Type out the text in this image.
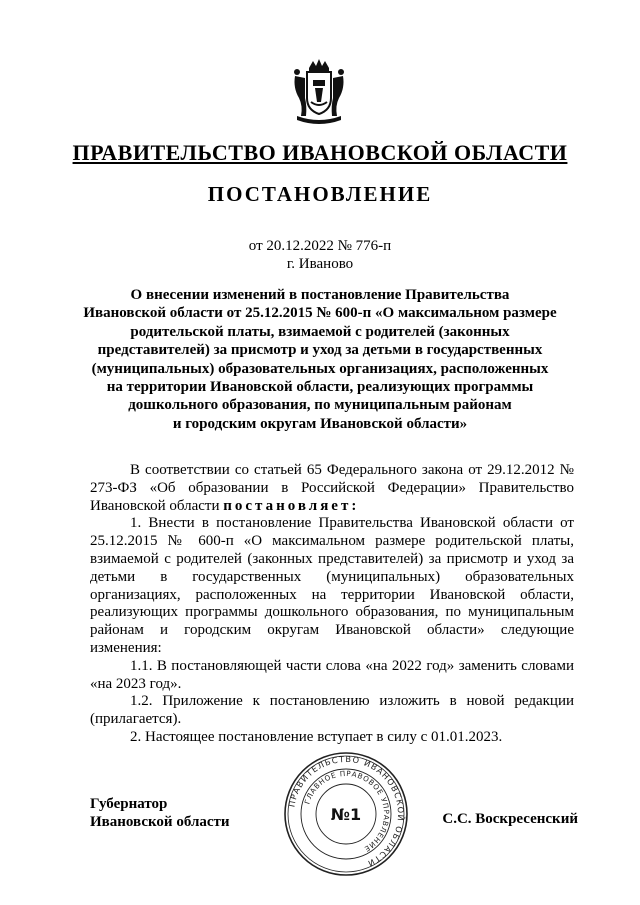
ПРАВИТЕЛЬСТВО ИВАНОВСКОЙ ОБЛАСТИ
ПОСТАНОВЛЕНИЕ
от 20.12.2022 № 776-п
г. Иваново
О внесении изменений в постановление Правительства
Ивановской области от 25.12.2015 № 600-п «О максимальном размере
родительской платы, взимаемой с родителей (законных
представителей) за присмотр и уход за детьми в государственных
(муниципальных) образовательных организациях, расположенных
на территории Ивановской области, реализующих программы
дошкольного образования, по муниципальным районам
и городским округам Ивановской области»

В соответствии со статьей 65 Федерального закона от 29.12.2012 № 273-ФЗ «Об образовании в Российской Федерации» Правительство Ивановской области постановляет:

1. Внести в постановление Правительства Ивановской области от 25.12.2015 № 600-п «О максимальном размере родительской платы, взимаемой с родителей (законных представителей) за присмотр и уход за детьми в государственных (муниципальных) образовательных организациях, расположенных на территории Ивановской области, реализующих программы дошкольного образования, по муниципальным районам и городским округам Ивановской области» следующие изменения:

1.1. В постановляющей части слова «на 2022 год» заменить словами «на 2023 год».

1.2. Приложение к постановлению изложить в новой редакции (прилагается).

2. Настоящее постановление вступает в силу с 01.01.2023.

Губернатор
Ивановской области
ПРАВИТЕЛЬСТВО ИВАНОВСКОЙ ОБЛАСТИ
ГЛАВНОЕ ПРАВОВОЕ УПРАВЛЕНИЕ
№1	С.С. Воскресенский
